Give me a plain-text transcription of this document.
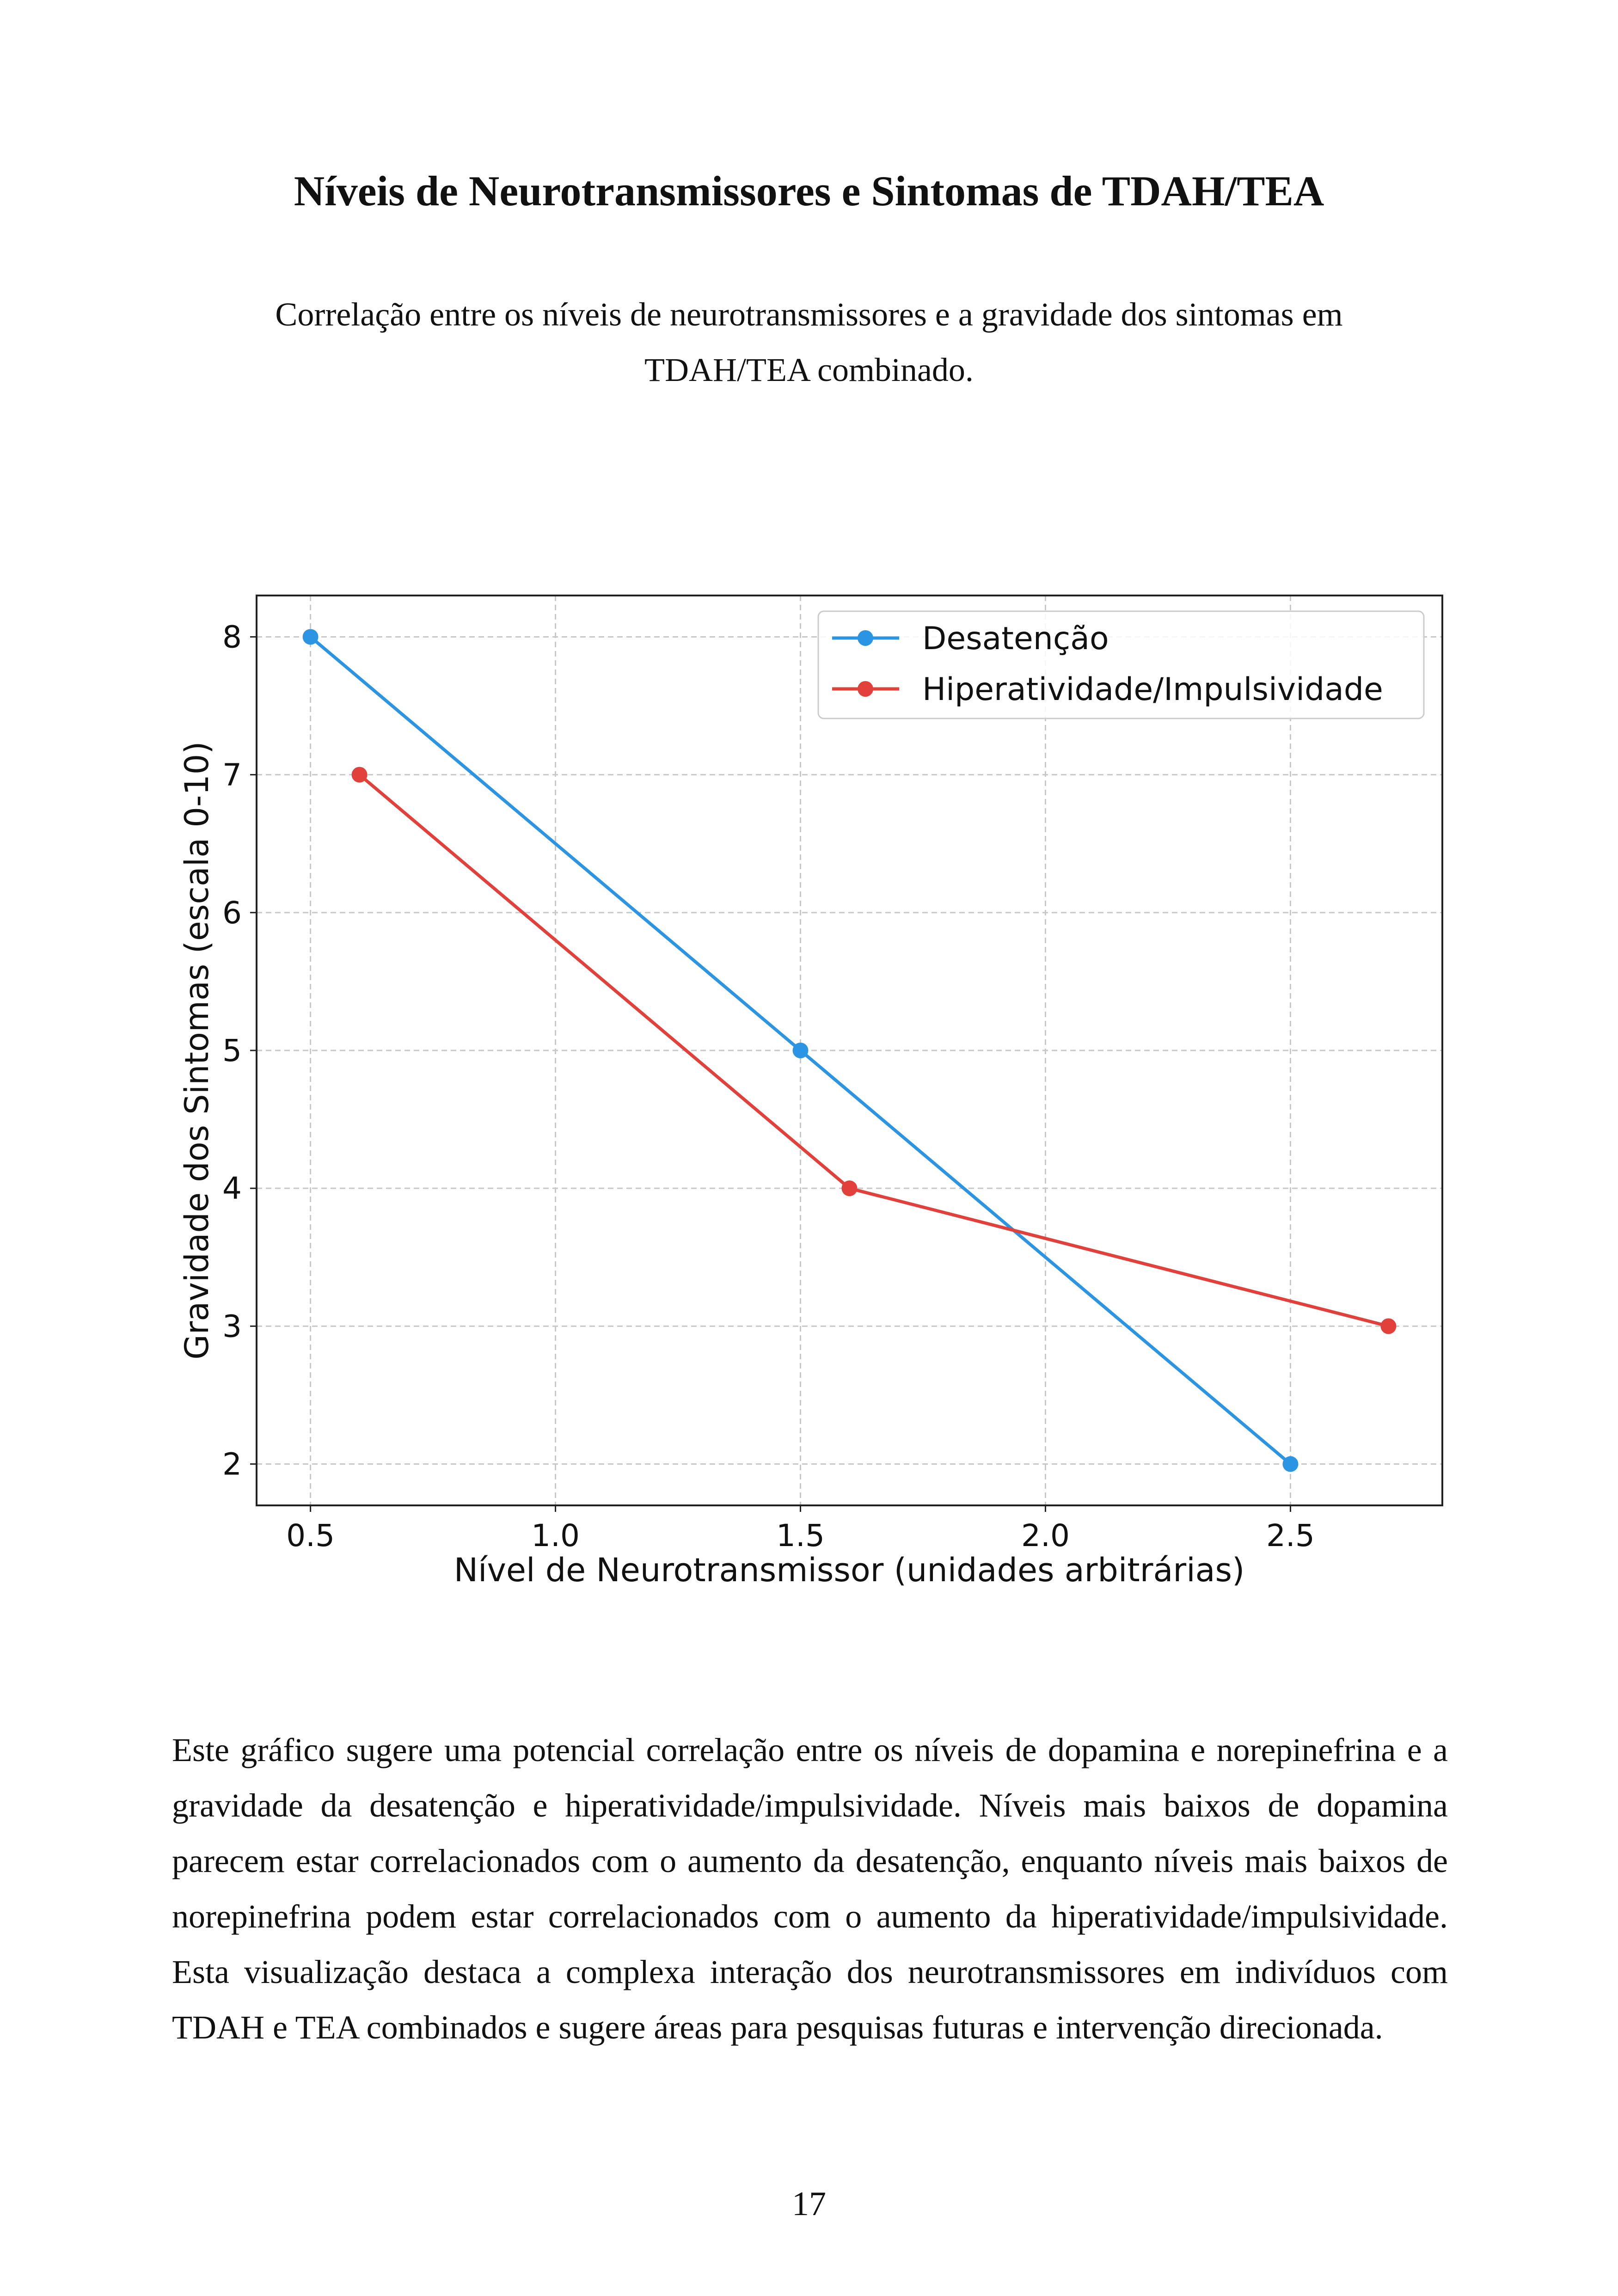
Níveis de Neurotransmissores e Sintomas de TDAH/TEA

Correlação entre os níveis de neurotransmissores e a gravidade dos sintomas em TDAH/TEA combinado.

0.5	1.0	1.5	2.0	2.5
2
3
4
5
6
7
8
Nível de Neurotransmissor (unidades arbitrárias)
Gravidade dos Sintomas (escala 0-10)
Desatenção
Hiperatividade/Impulsividade

Este gráfico sugere uma potencial correlação entre os níveis de dopamina e norepinefrina e a gravidade da desatenção e hiperatividade/impulsividade. Níveis mais baixos de dopamina parecem estar correlacionados com o aumento da desatenção, enquanto níveis mais baixos de norepinefrina podem estar correlacionados com o aumento da hiperatividade/impulsividade. Esta visualização destaca a complexa interação dos neurotransmissores em indivíduos com TDAH e TEA combinados e sugere áreas para pesquisas futuras e intervenção direcionada.

17
